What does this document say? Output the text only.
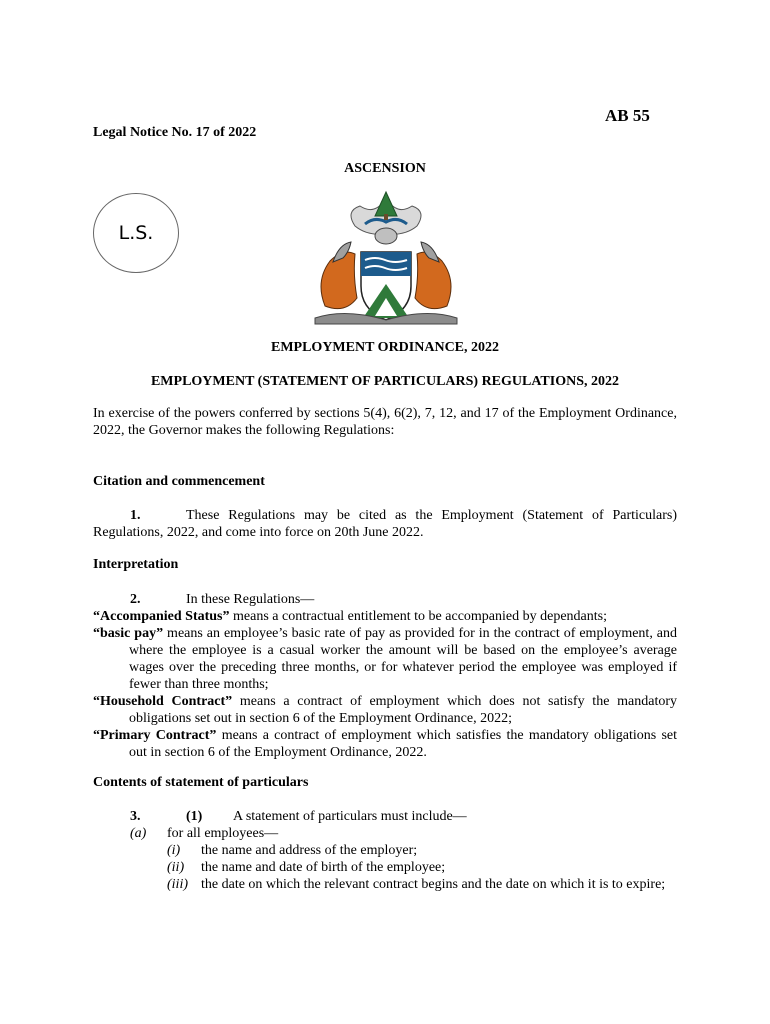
AB 55
Legal Notice No. 17 of 2022
ASCENSION
L.S.
EMPLOYMENT ORDINANCE, 2022
EMPLOYMENT (STATEMENT OF PARTICULARS) REGULATIONS, 2022
In exercise of the powers conferred by sections 5(4), 6(2), 7, 12, and 17 of the Employment Ordinance, 2022, the Governor makes the following Regulations:
Citation and commencement
1.	These Regulations may be cited as the Employment (Statement of Particulars) Regulations, 2022, and come into force on 20th June 2022.
Interpretation
2.	In these Regulations—
“Accompanied Status” means a contractual entitlement to be accompanied by dependants;
“basic pay” means an employee’s basic rate of pay as provided for in the contract of employment, and where the employee is a casual worker the amount will be based on the employee’s average wages over the preceding three months, or for whatever period the employee was employed if fewer than three months;
“Household Contract” means a contract of employment which does not satisfy the mandatory obligations set out in section 6 of the Employment Ordinance, 2022;
“Primary Contract” means a contract of employment which satisfies the mandatory obligations set out in section 6 of the Employment Ordinance, 2022.
Contents of statement of particulars
3.	(1) A statement of particulars must include—
(a) for all employees—
(i) the name and address of the employer;
(ii) the name and date of birth of the employee;
(iii) the date on which the relevant contract begins and the date on which it is to expire;
